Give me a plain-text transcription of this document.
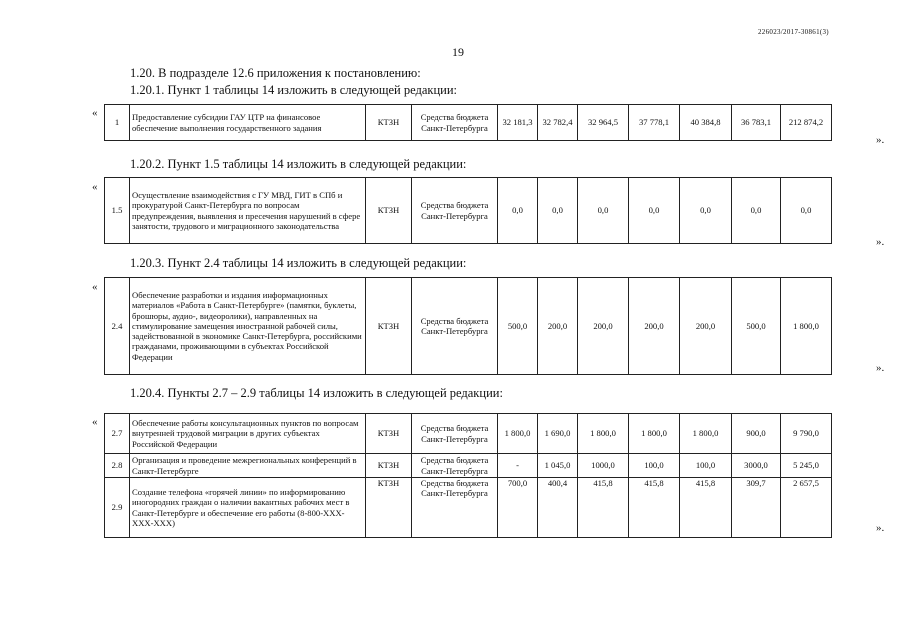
226023/2017-30861(3)
19
1.20. В подразделе 12.6 приложения к постановлению:
1.20.1. Пункт 1 таблицы 14 изложить в следующей редакции:
«
1	Предоставление субсидии ГАУ ЦТР на финансовое обеспечение выполнения государственного задания	КТЗН	Средства бюджета Санкт-Петербурга	32 181,3	32 782,4	32 964,5	37 778,1	40 384,8	36 783,1	212 874,2
».
1.20.2. Пункт 1.5 таблицы 14 изложить в следующей редакции:
«
1.5	Осуществление взаимодействия с ГУ МВД, ГИТ в СПб и прокуратурой Санкт-Петербурга по вопросам предупреждения, выявления и пресечения нарушений в сфере занятости, трудового и миграционного законодательства	КТЗН	Средства бюджета Санкт-Петербурга	0,0	0,0	0,0	0,0	0,0	0,0	0,0
».
1.20.3. Пункт 2.4 таблицы 14 изложить в следующей редакции:
«
2.4	Обеспечение разработки и издания информационных материалов «Работа в Санкт-Петербурге» (памятки, буклеты, брошюры, аудио-, видеоролики), направленных на стимулирование замещения иностранной рабочей силы, задействованной в экономике Санкт-Петербурга, российскими гражданами, проживающими в субъектах Российской Федерации	КТЗН	Средства бюджета Санкт-Петербурга	500,0	200,0	200,0	200,0	200,0	500,0	1 800,0
».
1.20.4. Пункты 2.7 – 2.9 таблицы 14 изложить в следующей редакции:
«
2.7	Обеспечение работы консультационных пунктов по вопросам внутренней трудовой миграции в других субъектах Российской Федерации	КТЗН	Средства бюджета Санкт-Петербурга	1 800,0	1 690,0	1 800,0	1 800,0	1 800,0	900,0	9 790,0
2.8	Организация и проведение межрегиональных конференций в Санкт-Петербурге	КТЗН	Средства бюджета Санкт-Петербурга	-	1 045,0	1000,0	100,0	100,0	3000,0	5 245,0
2.9	Создание телефона «горячей линии» по информированию иногородних граждан о наличии вакантных рабочих мест в Санкт-Петербурге и обеспечение его работы (8-800-ХХХ-ХХХ-ХХХ)	КТЗН	Средства бюджета Санкт-Петербурга	700,0	400,4	415,8	415,8	415,8	309,7	2 657,5
».
